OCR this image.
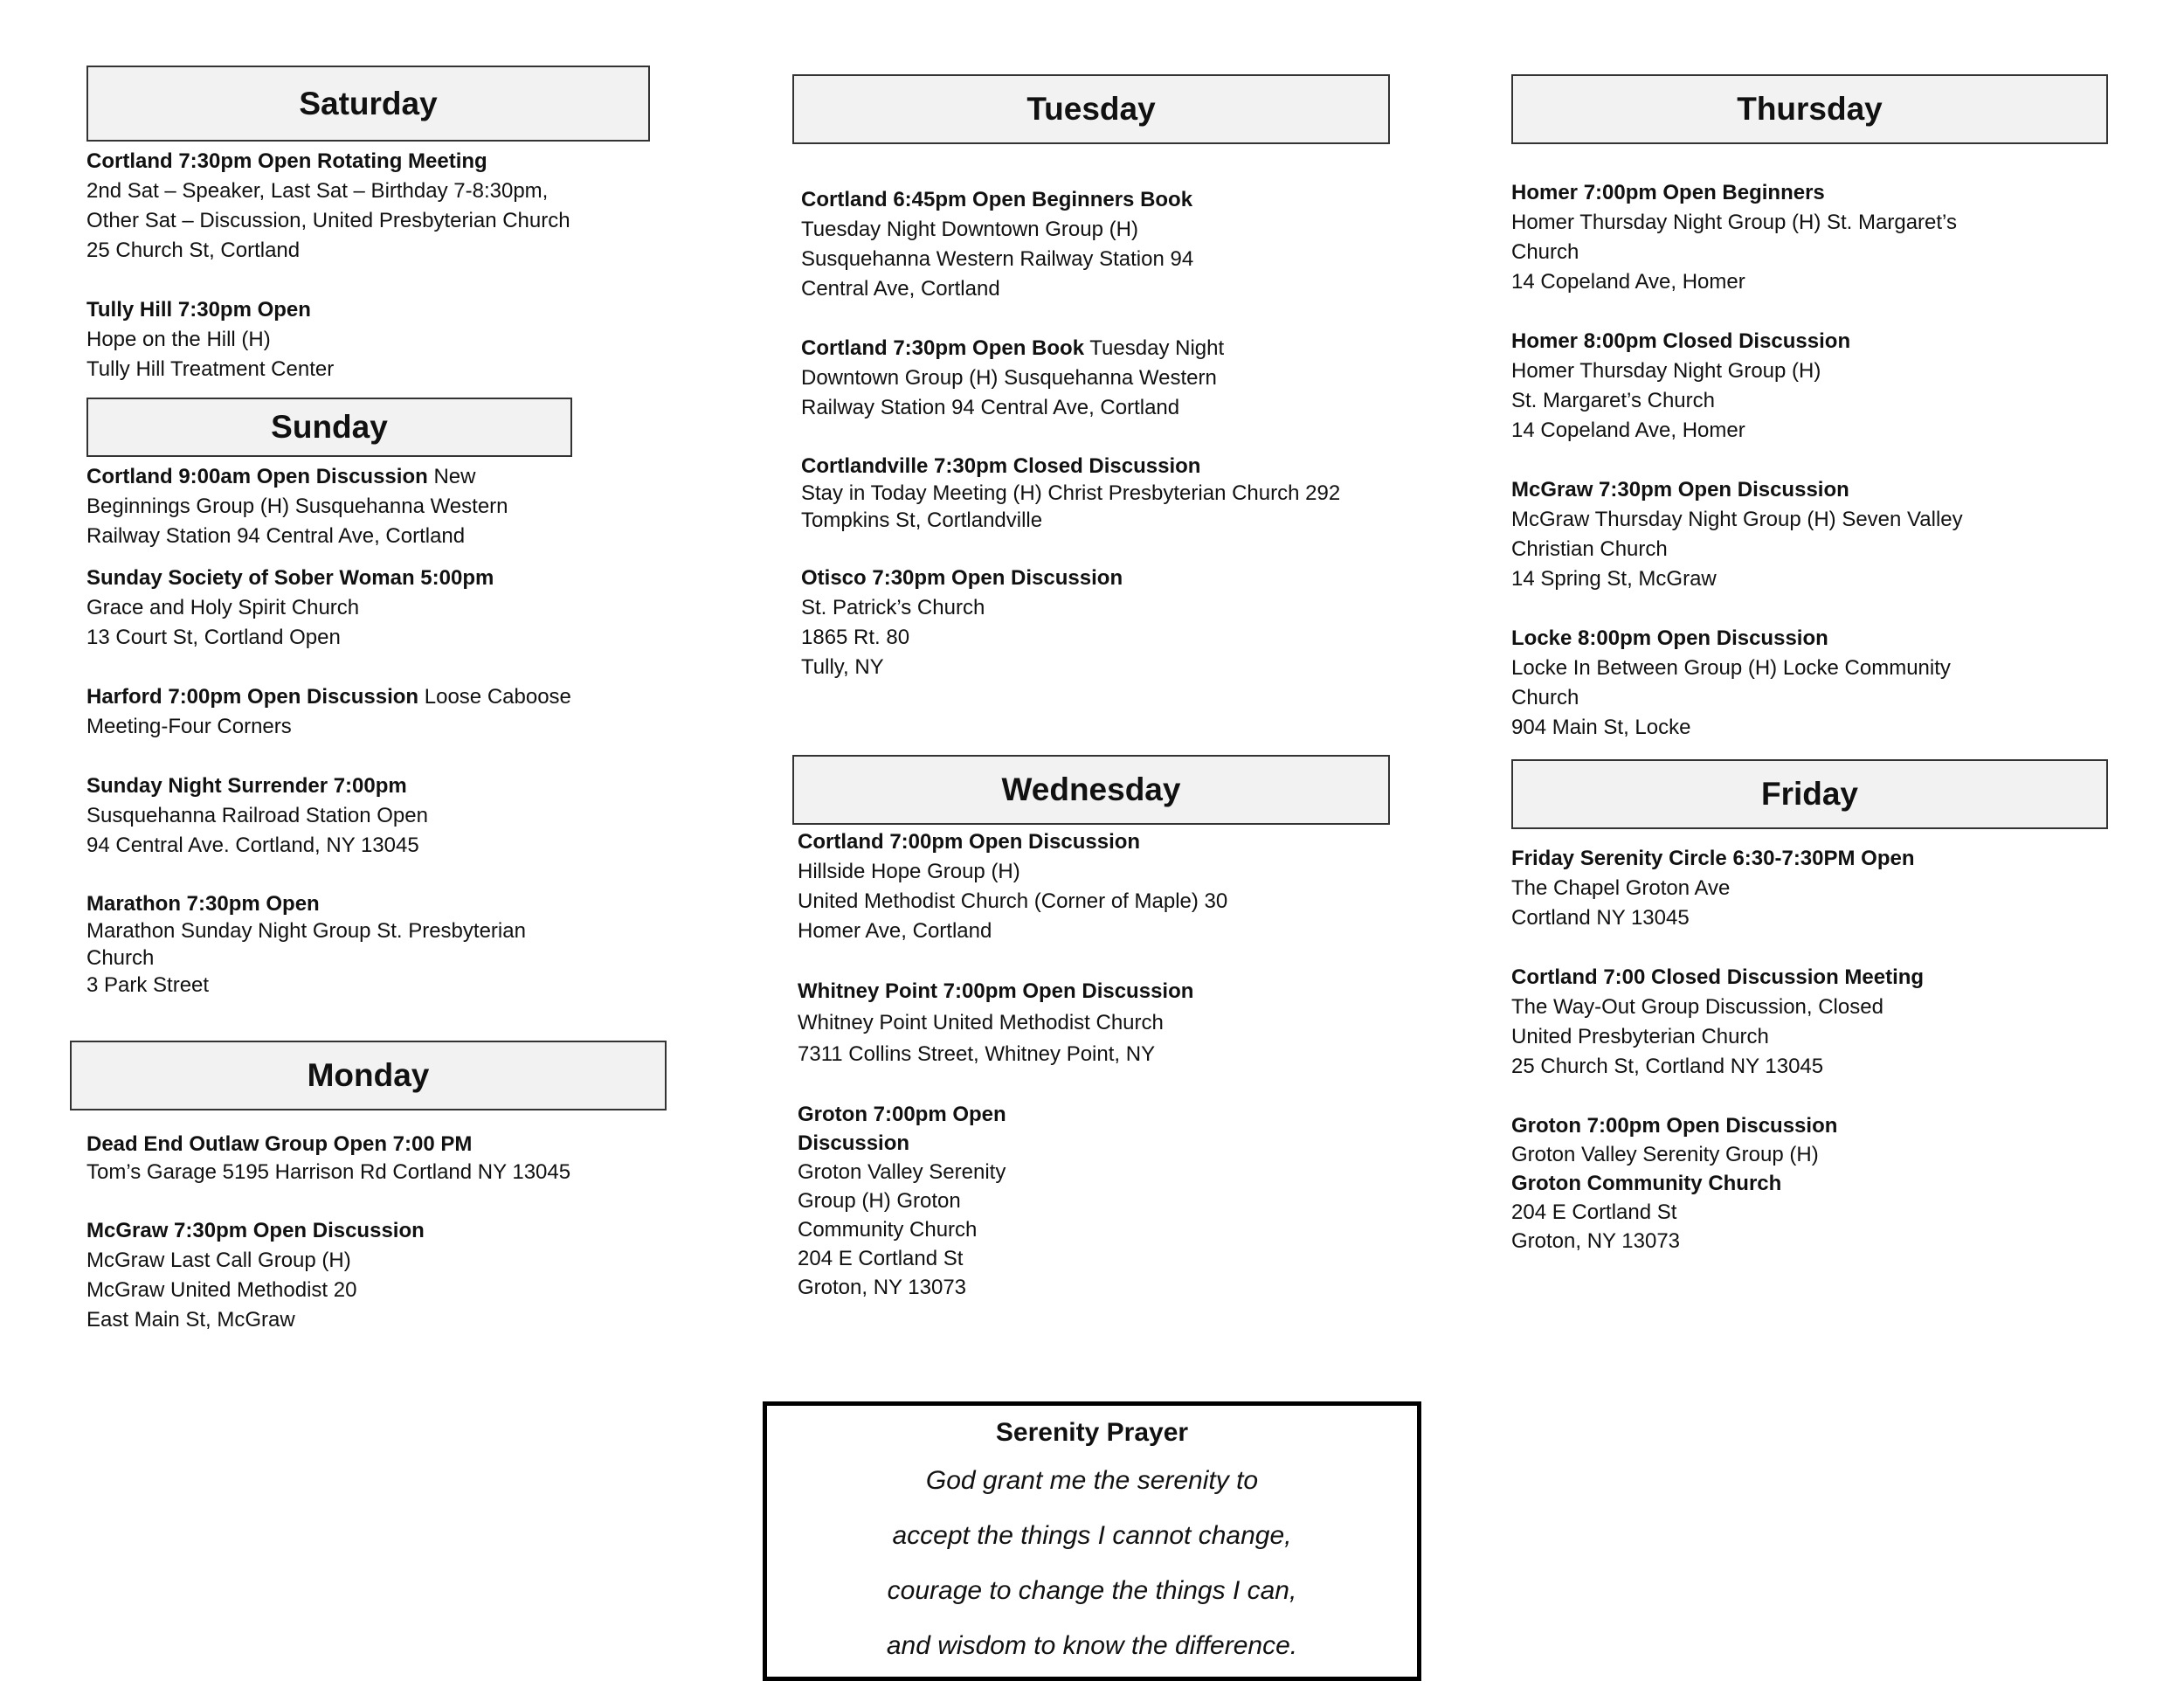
Saturday
Cortland 7:30pm Open Rotating Meeting
2nd Sat – Speaker, Last Sat – Birthday 7-8:30pm,
Other Sat – Discussion, United Presbyterian Church
25 Church St, Cortland
Tully Hill 7:30pm Open
Hope on the Hill (H)
Tully Hill Treatment Center
Sunday
Cortland 9:00am Open Discussion New Beginnings Group (H) Susquehanna Western
Railway Station 94 Central Ave, Cortland
Sunday Society of Sober Woman 5:00pm
Grace and Holy Spirit Church
13 Court St, Cortland Open
Harford 7:00pm Open Discussion Loose Caboose Meeting-Four Corners
Sunday Night Surrender 7:00pm
Susquehanna Railroad Station Open
94 Central Ave. Cortland, NY 13045
Marathon 7:30pm Open
Marathon Sunday Night Group St. Presbyterian Church
3 Park Street
Monday
Dead End Outlaw Group Open 7:00 PM
Tom’s Garage 5195 Harrison Rd Cortland NY 13045
McGraw 7:30pm Open Discussion
McGraw Last Call Group (H)
McGraw United Methodist 20
East Main St, McGraw
Tuesday
Cortland 6:45pm Open Beginners Book
Tuesday Night Downtown Group (H)
Susquehanna Western Railway Station 94
Central Ave, Cortland
Cortland 7:30pm Open Book Tuesday Night Downtown Group (H) Susquehanna Western Railway Station 94 Central Ave, Cortland
Cortlandville 7:30pm Closed Discussion
Stay in Today Meeting (H) Christ Presbyterian Church 292 Tompkins St, Cortlandville
Otisco 7:30pm Open Discussion
St. Patrick’s Church
1865 Rt. 80
Tully, NY
Wednesday
Cortland 7:00pm Open Discussion
Hillside Hope Group (H)
United Methodist Church (Corner of Maple) 30
Homer Ave, Cortland
Whitney Point 7:00pm Open Discussion
Whitney Point United Methodist Church
7311 Collins Street, Whitney Point, NY
Groton 7:00pm Open Discussion
Groton Valley Serenity Group (H) Groton Community Church
204 E Cortland St
Groton, NY 13073
Thursday
Homer 7:00pm Open Beginners
Homer Thursday Night Group (H) St. Margaret’s Church
14 Copeland Ave, Homer
Homer 8:00pm Closed Discussion
Homer Thursday Night Group (H)
St. Margaret’s Church
14 Copeland Ave, Homer
McGraw 7:30pm Open Discussion
McGraw Thursday Night Group (H) Seven Valley Christian Church
14 Spring St, McGraw
Locke 8:00pm Open Discussion
Locke In Between Group (H) Locke Community Church
904 Main St, Locke
Friday
Friday Serenity Circle 6:30-7:30PM Open
The Chapel Groton Ave
Cortland NY 13045
Cortland 7:00 Closed Discussion Meeting
The Way-Out Group Discussion, Closed
United Presbyterian Church
25 Church St, Cortland NY 13045
Groton 7:00pm Open Discussion
Groton Valley Serenity Group (H)
Groton Community Church
204 E Cortland St
Groton, NY 13073
Serenity Prayer
God grant me the serenity to
accept the things I cannot change,
courage to change the things I can,
and wisdom to know the difference.
